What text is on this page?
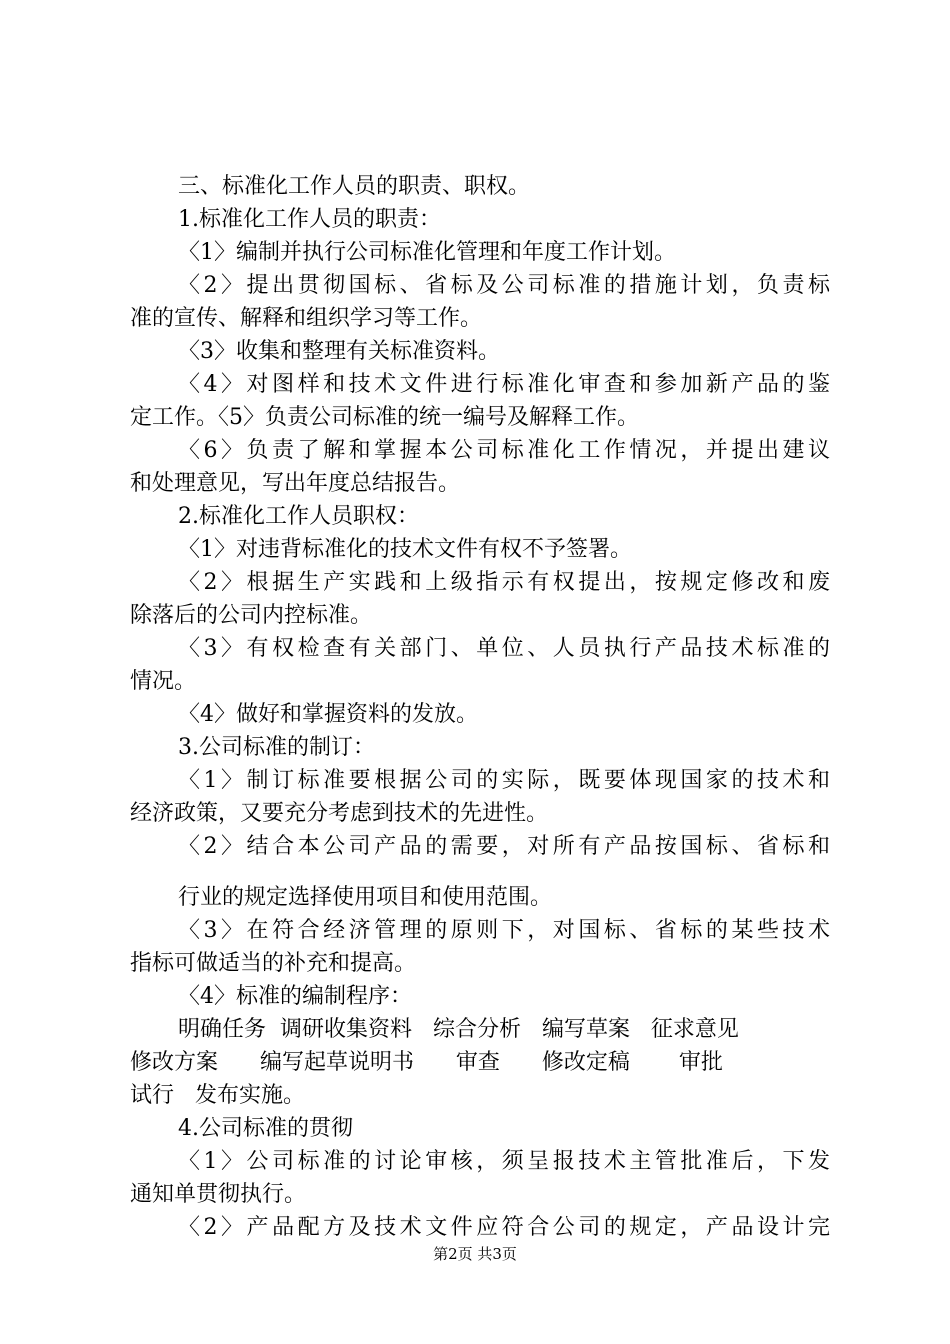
三、标准化工作人员的职责、职权。
1.标准化工作人员的职责：
〈1〉编制并执行公司标准化管理和年度工作计划。
〈2〉提出贯彻国标、省标及公司标准的措施计划，负责标
准的宣传、解释和组织学习等工作。
〈3〉收集和整理有关标准资料。
〈4〉对图样和技术文件进行标准化审查和参加新产品的鉴
定工作。〈5〉负责公司标准的统一编号及解释工作。
〈6〉负责了解和掌握本公司标准化工作情况，并提出建议
和处理意见，写出年度总结报告。
2.标准化工作人员职权：
〈1〉对违背标准化的技术文件有权不予签署。
〈2〉根据生产实践和上级指示有权提出，按规定修改和废
除落后的公司内控标准。
〈3〉有权检查有关部门、单位、人员执行产品技术标准的
情况。
〈4〉做好和掌握资料的发放。
3.公司标准的制订：
〈1〉制订标准要根据公司的实际，既要体现国家的技术和
经济政策，又要充分考虑到技术的先进性。
〈2〉结合本公司产品的需要，对所有产品按国标、省标和
行业的规定选择使用项目和使用范围。
〈3〉在符合经济管理的原则下，对国标、省标的某些技术
指标可做适当的补充和提高。
〈4〉标准的编制程序：
明确任务  调研收集资料   综合分析   编写草案   征求意见
修改方案      编写起草说明书      审查      修改定稿       审批
试行   发布实施。
4.公司标准的贯彻
〈1〉公司标准的讨论审核，须呈报技术主管批准后，下发
通知单贯彻执行。
〈2〉产品配方及技术文件应符合公司的规定，产品设计完
第2页 共3页
